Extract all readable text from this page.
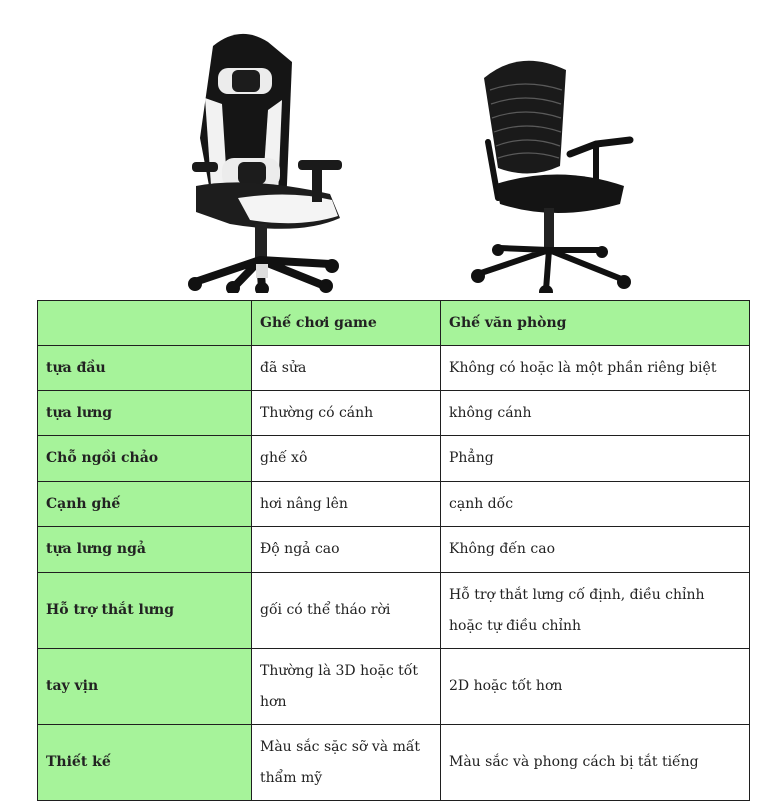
	Ghế chơi game	Ghế văn phòng
tựa đầu	đã sửa	Không có hoặc là một phần riêng biệt
tựa lưng	Thường có cánh	không cánh
Chỗ ngồi chảo	ghế xô	Phẳng
Cạnh ghế	hơi nâng lên	cạnh dốc
tựa lưng ngả	Độ ngả cao	Không đến cao
Hỗ trợ thắt lưng	gối có thể tháo rời	Hỗ trợ thắt lưng cố định, điều chỉnh hoặc tự điều chỉnh
tay vịn	Thường là 3D hoặc tốt hơn	2D hoặc tốt hơn
Thiết kế	Màu sắc sặc sỡ và mất thẩm mỹ	Màu sắc và phong cách bị tắt tiếng
